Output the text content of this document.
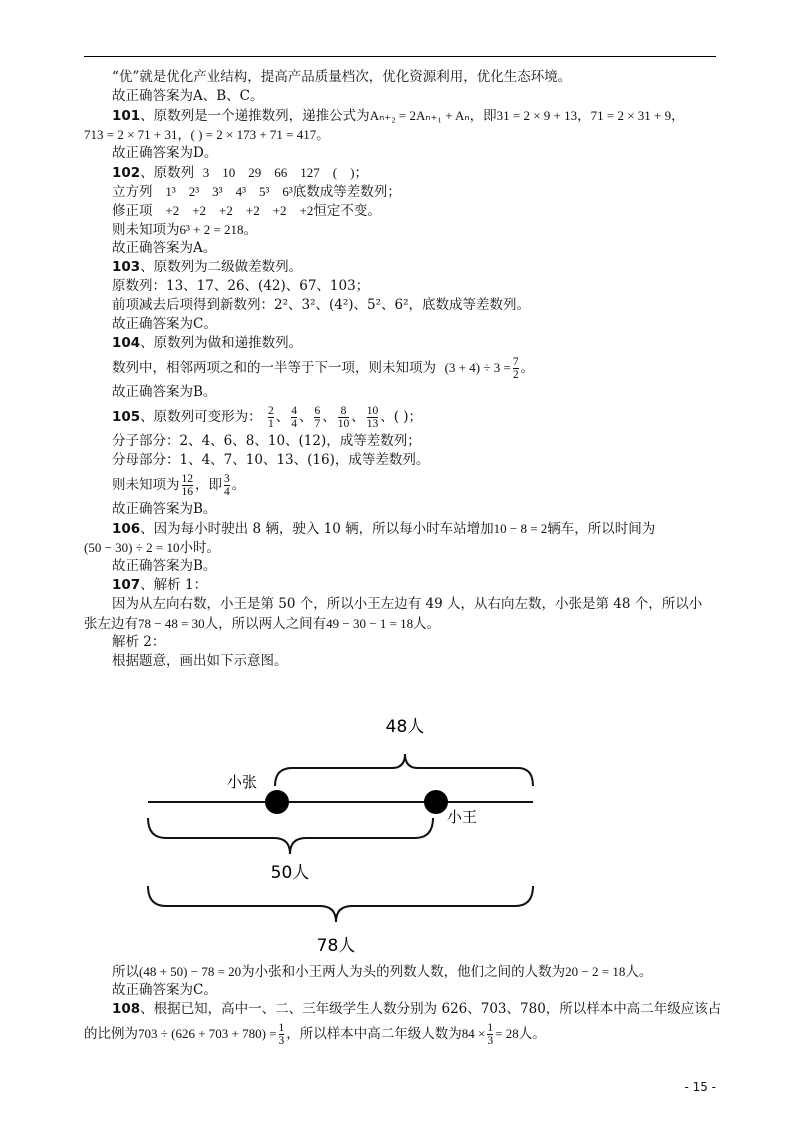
“优”就是优化产业结构，提高产品质量档次，优化资源利用，优化生态环境。
故正确答案为A、B、C。
101、原数列是一个递推数列，递推公式为Aₙ₊₂ = 2Aₙ₊₁ + Aₙ，即31 = 2 × 9 + 13，71 = 2 × 31 + 9，
713 = 2 × 71 + 31，( ) = 2 × 173 + 71 = 417。
故正确答案为D。
102、原数列 3    10    29    66    127    (    )；
立方列 1³    2³    3³    4³    5³    6³底数成等差数列；
修正项 +2    +2    +2    +2    +2    +2恒定不变。
则未知项为6³ + 2 = 218。
故正确答案为A。
103、原数列为二级做差数列。
原数列：13、17、26、(42)、67、103；
前项减去后项得到新数列：2²、3²、(4²)、5²、6²，底数成等差数列。
故正确答案为C。
104、原数列为做和递推数列。
数列中，相邻两项之和的一半等于下一项，则未知项为 $(3 + 4) \div 3 = \frac{7}{2}$ 。
故正确答案为B。
105、原数列可变形为： $\frac{2}{1}$ 、 $\frac{4}{4}$ 、 $\frac{6}{7}$ 、 $\frac{8}{10}$ 、 $\frac{10}{13}$ 、( )；
分子部分：2、4、6、8、10、(12)，成等差数列；
分母部分：1、4、7、10、13、(16)，成等差数列。
则未知项为 $\frac{12}{16}$ ，即 $\frac{3}{4}$ 。
故正确答案为B。
106、因为每小时驶出 8 辆，驶入 10 辆，所以每小时车站增加10 − 8 = 2辆车，所以时间为
(50 − 30) ÷ 2 = 10小时。
故正确答案为B。
107、解析 1：
因为从左向右数，小王是第 50 个，所以小王左边有 49 人，从右向左数，小张是第 48 个，所以小
张左边有78 − 48 = 30人，所以两人之间有49 − 30 − 1 = 18人。
解析 2：
根据题意，画出如下示意图。
48人
小张
小王
50人
78人
所以(48 + 50) − 78 = 20为小张和小王两人为头的列数人数，他们之间的人数为20 − 2 = 18人。
故正确答案为C。
108、根据已知，高中一、二、三年级学生人数分别为 626、703、780，所以样本中高二年级应该占
的比例为$703 \div (626 + 703 + 780) = \frac{1}{3}$ ，所以样本中高二年级人数为$84 \times \frac{1}{3} = 28$人。
- 15 -
